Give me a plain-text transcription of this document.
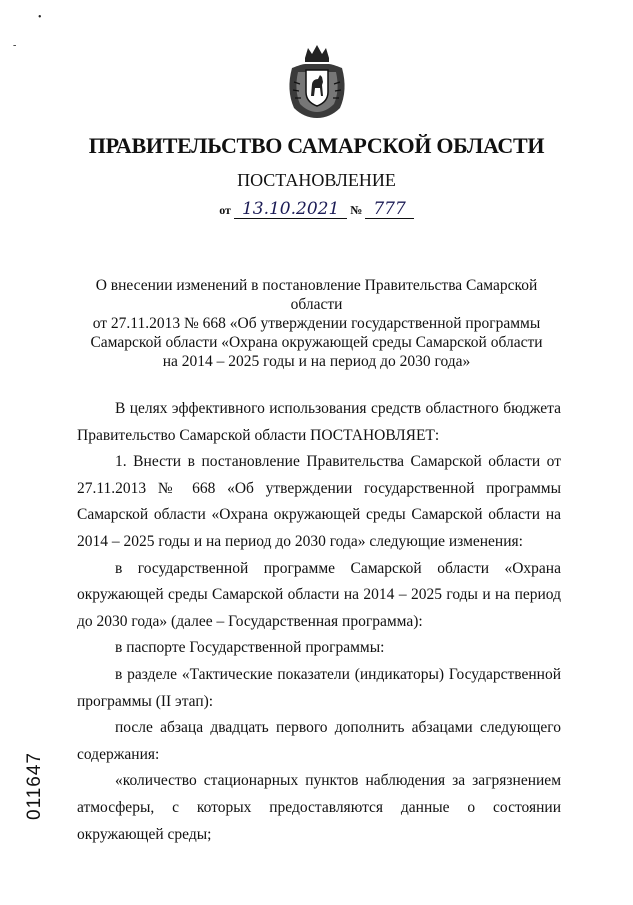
•
-
ПРАВИТЕЛЬСТВО САМАРСКОЙ ОБЛАСТИ
ПОСТАНОВЛЕНИЕ
от 13.10.2021 № 777
О внесении изменений в постановление Правительства Самарской области
от 27.11.2013 № 668 «Об утверждении государственной программы
Самарской области «Охрана окружающей среды Самарской области
на 2014 – 2025 годы и на период до 2030 года»

В целях эффективного использования средств областного бюджета Правительство Самарской области ПОСТАНОВЛЯЕТ:

1. Внести в постановление Правительства Самарской области от 27.11.2013 № 668 «Об утверждении государственной программы Самарской области «Охрана окружающей среды Самарской области на 2014 – 2025 годы и на период до 2030 года» следующие изменения:

в государственной программе Самарской области «Охрана окружающей среды Самарской области на 2014 – 2025 годы и на период до 2030 года» (далее – Государственная программа):

в паспорте Государственной программы:

в разделе «Тактические показатели (индикаторы) Государственной программы (II этап):

после абзаца двадцать первого дополнить абзацами следующего содержания:

«количество стационарных пунктов наблюдения за загрязнением атмосферы, с которых предоставляются данные о состоянии окружающей среды;

011647
